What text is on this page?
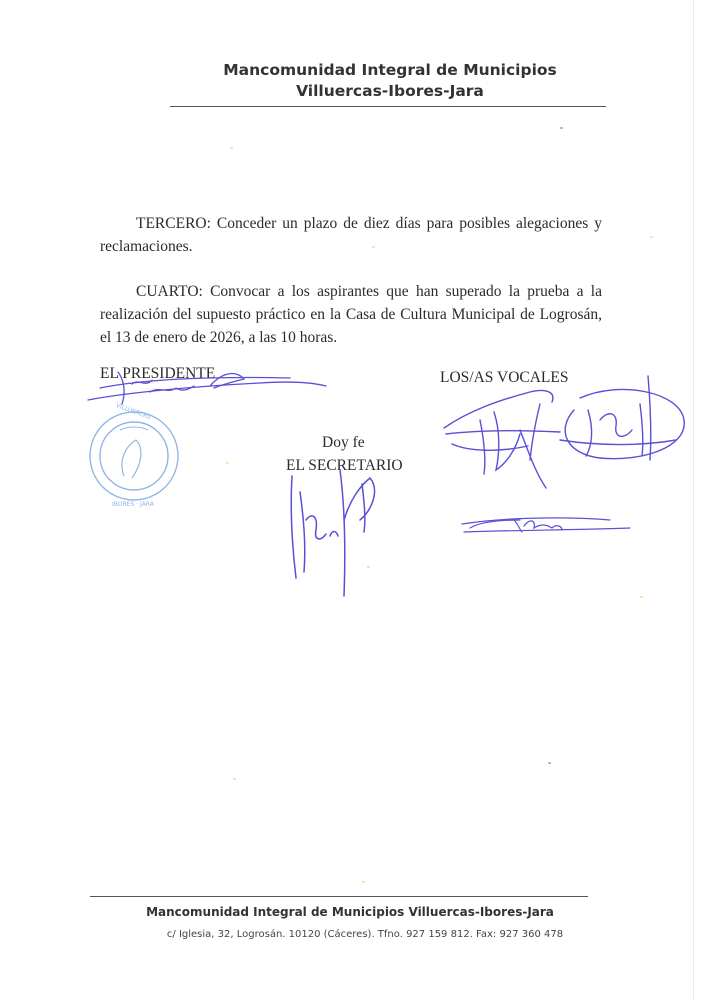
Mancomunidad Integral de Municipios
Villuercas-Ibores-Jara
TERCERO: Conceder un plazo de diez días para posibles alegaciones y reclamaciones.
CUARTO: Convocar a los aspirantes que han superado la prueba a la realización del supuesto práctico en la Casa de Cultura Municipal de Logrosán, el 13 de enero de 2026, a las 10 horas.
EL PRESIDENTE	LOS/AS VOCALES
Doy fe
EL SECRETARIO
VILLUERCAS
IBORES · JARA
Mancomunidad Integral de Municipios Villuercas-Ibores-Jara
c/ Iglesia, 32, Logrosán. 10120 (Cáceres). Tfno. 927 159 812. Fax: 927 360 478
